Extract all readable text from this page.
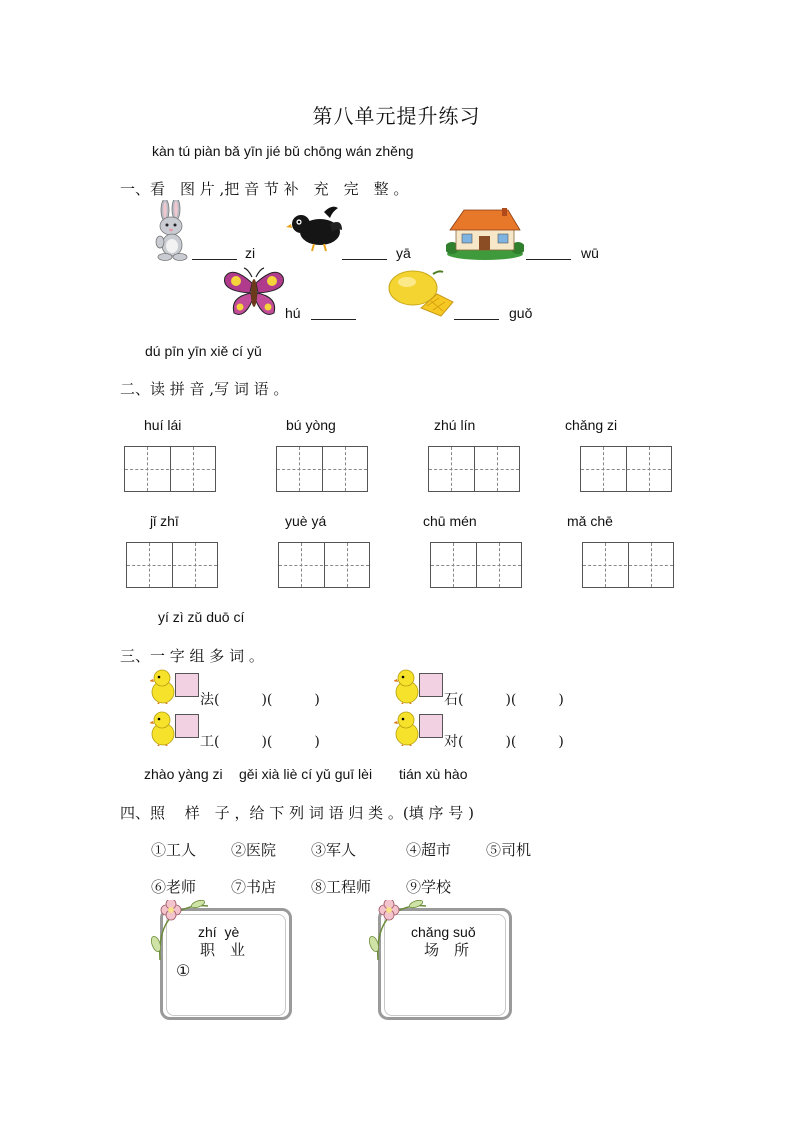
第八单元提升练习
kàn tú piàn bǎ yīn jié bǔ chōng wán zhěng
一、看　图 片 ,把 音 节 补　充　完　整 。
zi	yā	wū
hú	guǒ
dú pīn yīn xiě cí yǔ
二、读 拼 音 ,写 词 语 。
huí lái	bú yòng	zhú lín	chǎng zi
jǐ zhī	yuè yá	chū mén	mǎ chē
yí zì zǔ duō cí
三、一 字 组 多 词 。
法 (　　　)(　　　)	石 (　　　)(　　　)
工 (　　　)(　　　)	对 (　　　)(　　　)
zhào yàng zi gěi xià liè cí yǔ guī lèi tián xù hào
四、照　 样　子 ，给 下 列 词 语 归 类 。(填 序 号 )
①工人 ②医院 ③军人	④超市 ⑤司机
⑥老师 ⑦书店 ⑧工程师 ⑨学校
zhí  yè
职　业
①
chǎng suǒ
场　所
